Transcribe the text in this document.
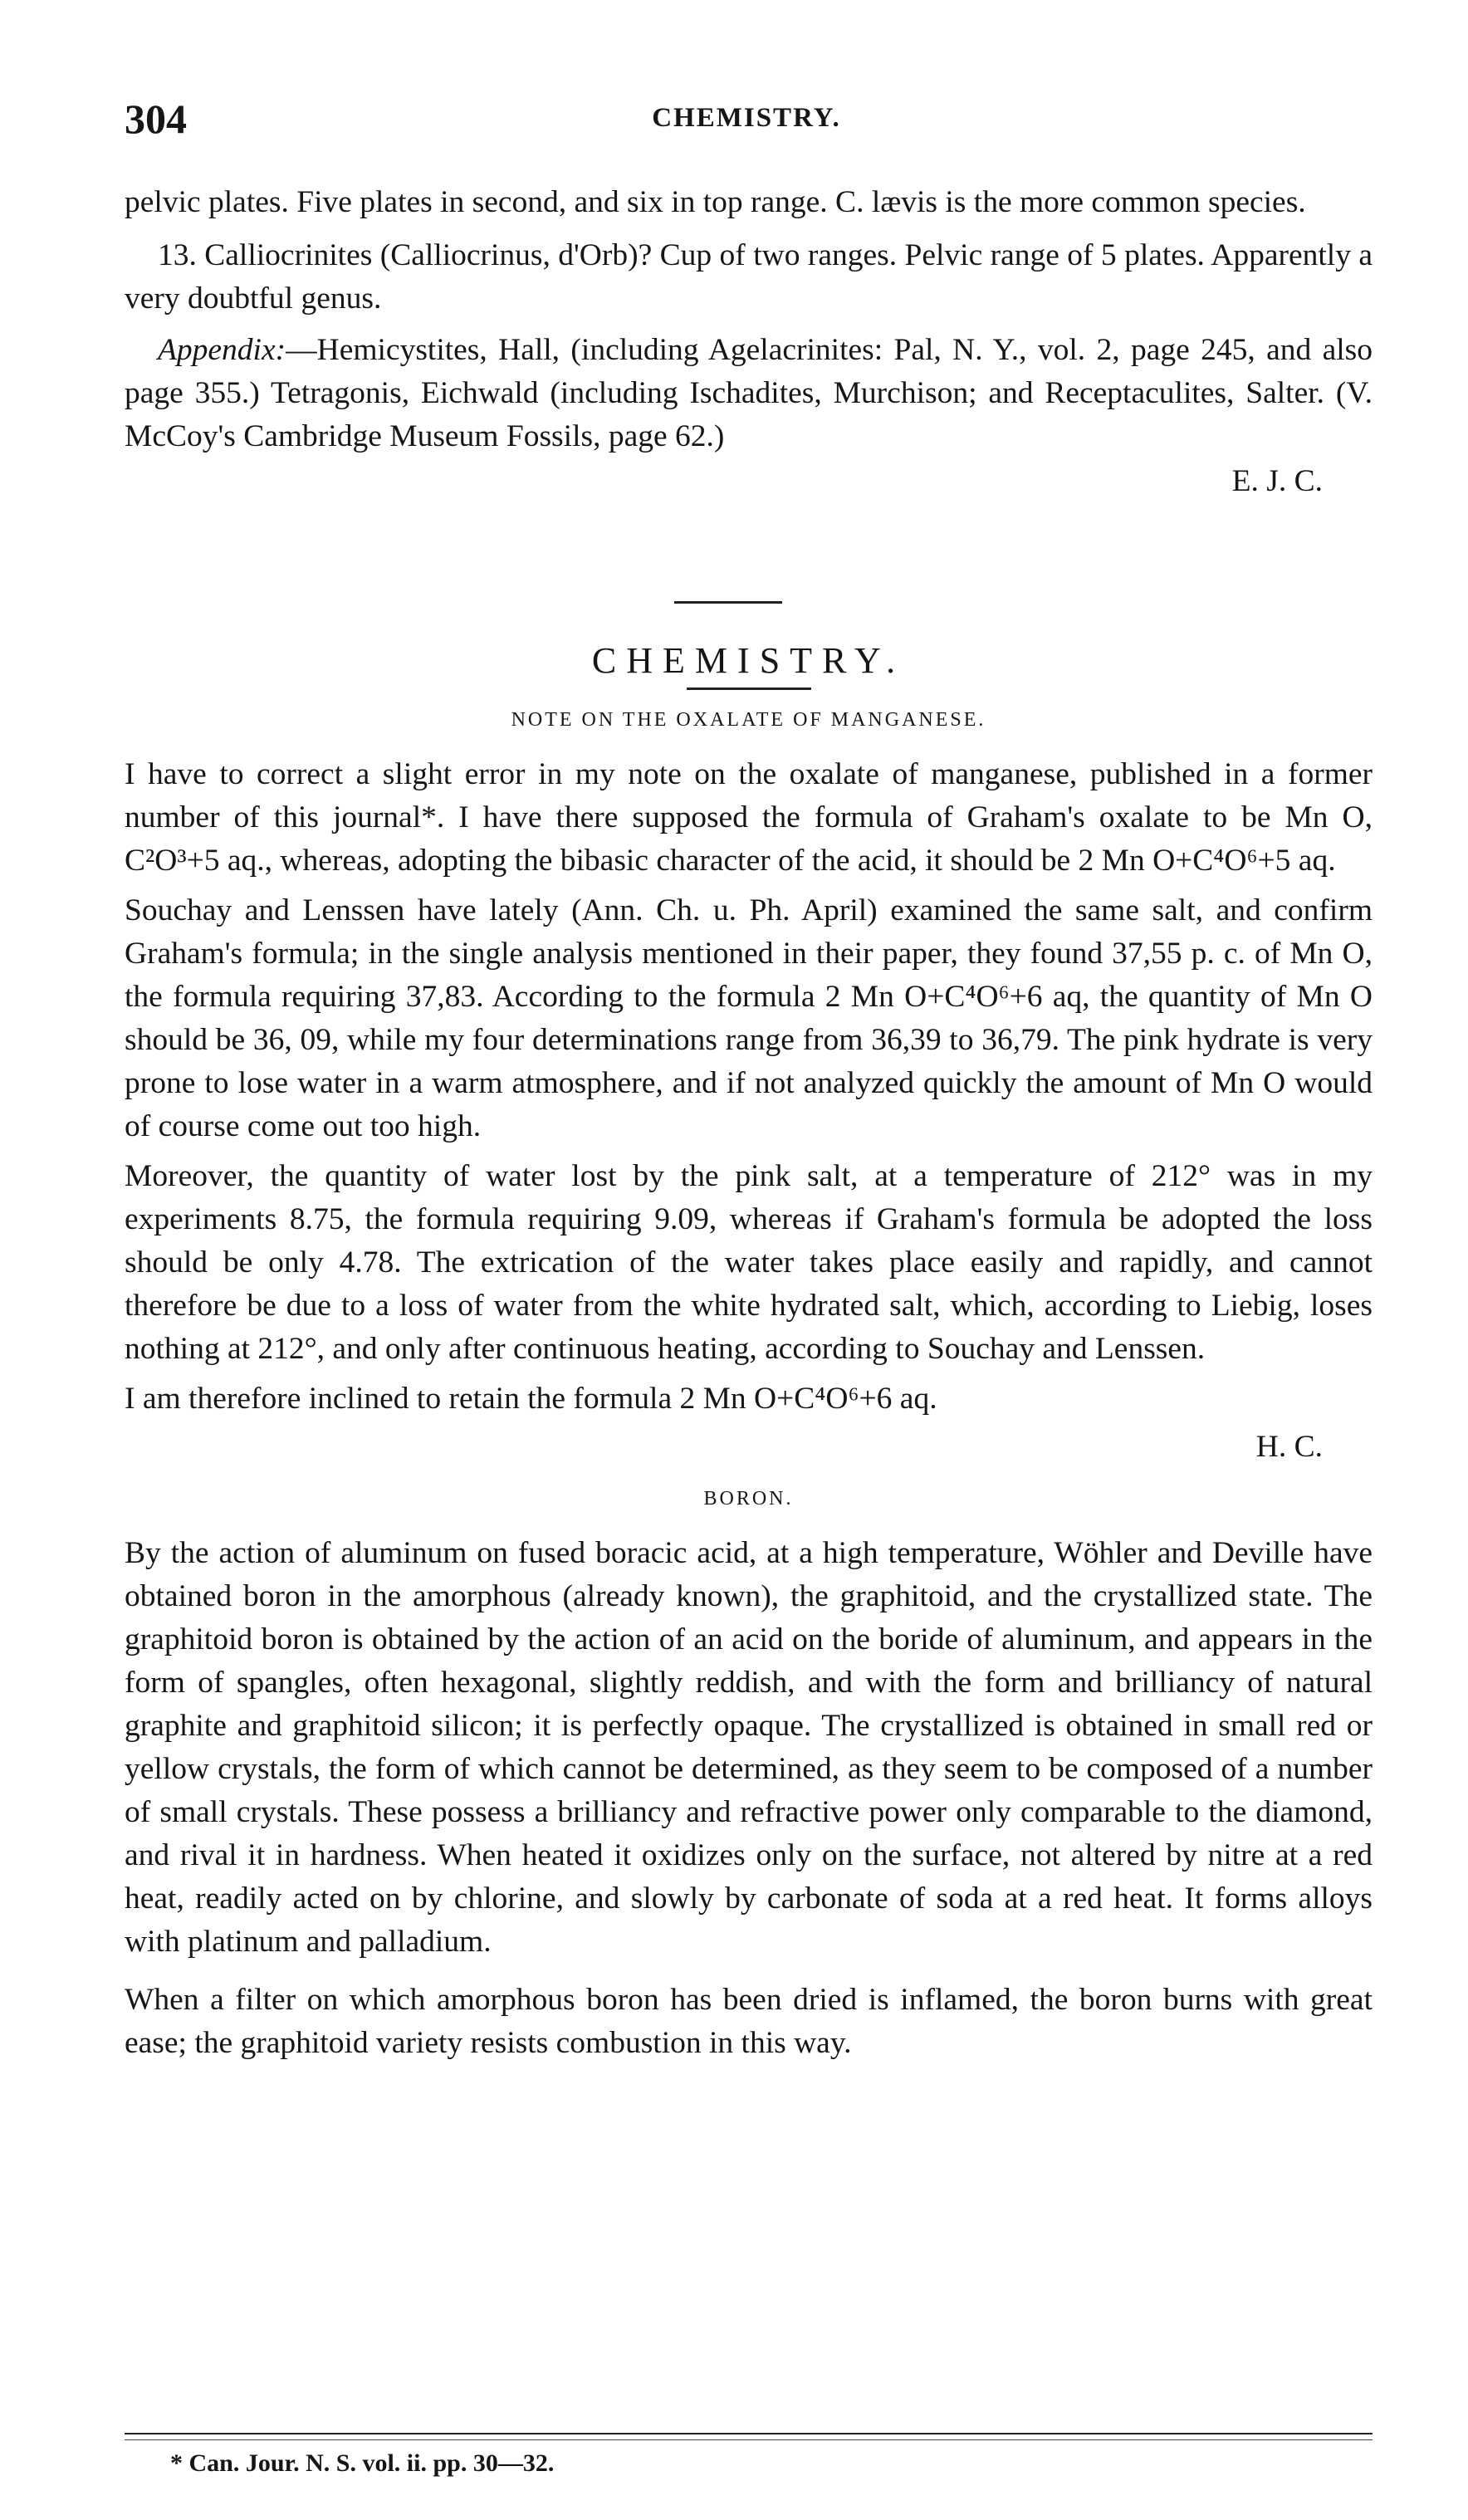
304	CHEMISTRY.

pelvic plates. Five plates in second, and six in top range. C. lævis is the more common species.

13. Calliocrinites (Calliocrinus, d'Orb)? Cup of two ranges. Pelvic range of 5 plates. Apparently a very doubtful genus.

Appendix:—Hemicystites, Hall, (including Agelacrinites: Pal, N. Y., vol. 2, page 245, and also page 355.) Tetragonis, Eichwald (including Ischadites, Murchison; and Receptaculites, Salter. (V. McCoy's Cambridge Museum Fossils, page 62.)

E. J. C.
CHEMISTRY.
NOTE ON THE OXALATE OF MANGANESE.

I have to correct a slight error in my note on the oxalate of manganese, published in a former number of this journal*. I have there supposed the formula of Graham's oxalate to be Mn O, C²O³+5 aq., whereas, adopting the bibasic character of the acid, it should be 2 Mn O+C⁴O⁶+5 aq.

Souchay and Lenssen have lately (Ann. Ch. u. Ph. April) examined the same salt, and confirm Graham's formula; in the single analysis mentioned in their paper, they found 37,55 p. c. of Mn O, the formula requiring 37,83. According to the formula 2 Mn O+C⁴O⁶+6 aq, the quantity of Mn O should be 36, 09, while my four determinations range from 36,39 to 36,79. The pink hydrate is very prone to lose water in a warm atmosphere, and if not analyzed quickly the amount of Mn O would of course come out too high.

Moreover, the quantity of water lost by the pink salt, at a temperature of 212° was in my experiments 8.75, the formula requiring 9.09, whereas if Graham's formula be adopted the loss should be only 4.78. The extrication of the water takes place easily and rapidly, and cannot therefore be due to a loss of water from the white hydrated salt, which, according to Liebig, loses nothing at 212°, and only after continuous heating, according to Souchay and Lenssen.

I am therefore inclined to retain the formula 2 Mn O+C⁴O⁶+6 aq.

H. C.
BORON.

By the action of aluminum on fused boracic acid, at a high temperature, Wöhler and Deville have obtained boron in the amorphous (already known), the graphitoid, and the crystallized state. The graphitoid boron is obtained by the action of an acid on the boride of aluminum, and appears in the form of spangles, often hexagonal, slightly reddish, and with the form and brilliancy of natural graphite and graphitoid silicon; it is perfectly opaque. The crystallized is obtained in small red or yellow crystals, the form of which cannot be determined, as they seem to be composed of a number of small crystals. These possess a brilliancy and refractive power only comparable to the diamond, and rival it in hardness. When heated it oxidizes only on the surface, not altered by nitre at a red heat, readily acted on by chlorine, and slowly by carbonate of soda at a red heat. It forms alloys with platinum and palladium.

When a filter on which amorphous boron has been dried is inflamed, the boron burns with great ease; the graphitoid variety resists combustion in this way.

* Can. Jour. N. S. vol. ii. pp. 30—32.
